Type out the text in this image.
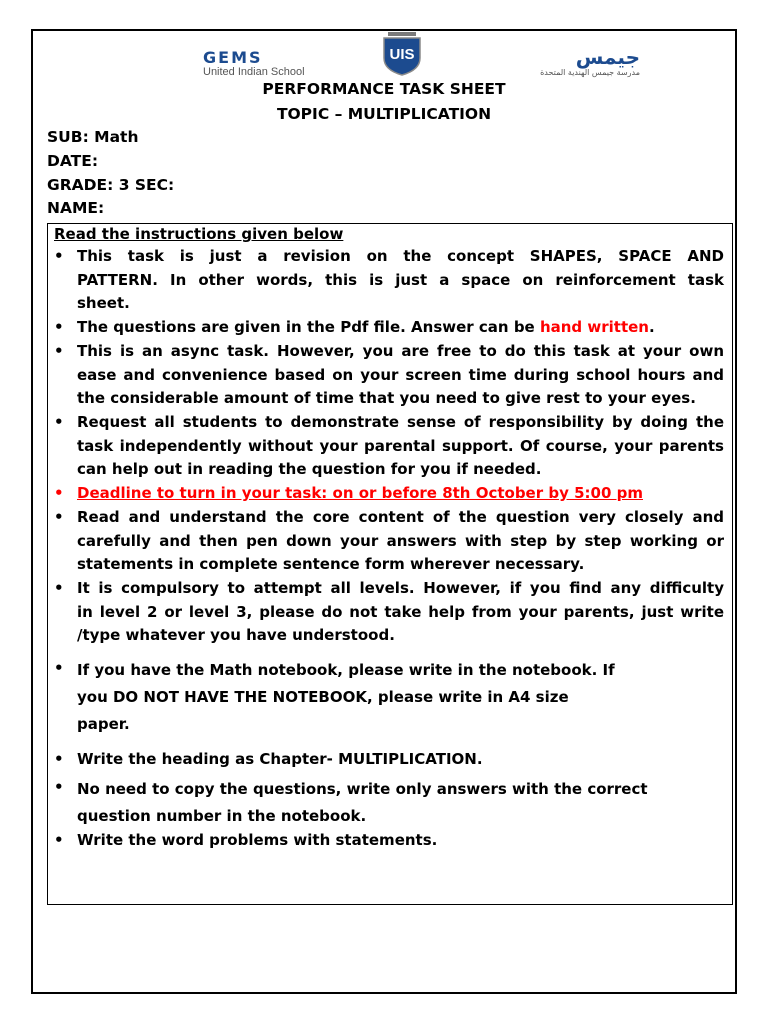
GEMS
United Indian School
UIS	جيمس
مدرسة جيمس الهندية المتحدة
PERFORMANCE TASK SHEET
TOPIC – MULTIPLICATION
SUB: Math
DATE:
GRADE: 3 SEC:
NAME:
Read the instructions given below
• This task is just a revision on the concept SHAPES, SPACE AND
PATTERN. In other words, this is just a space on reinforcement task
sheet.
• The questions are given in the Pdf file. Answer can be hand written.
• This is an async task. However, you are free to do this task at your own
ease and convenience based on your screen time during school hours and
the considerable amount of time that you need to give rest to your eyes.
• Request all students to demonstrate sense of responsibility by doing the
task independently without your parental support. Of course, your parents
can help out in reading the question for you if needed.
• Deadline to turn in your task: on or before 8th October by 5:00 pm
• Read and understand the core content of the question very closely and
carefully and then pen down your answers with step by step working or
statements in complete sentence form wherever necessary.
• It is compulsory to attempt all levels. However, if you find any difficulty
in level 2 or level 3, please do not take help from your parents, just write
/type whatever you have understood.
• If you have the Math notebook, please write in the notebook. If
you DO NOT HAVE THE NOTEBOOK, please write in A4 size
paper.
• Write the heading as Chapter- MULTIPLICATION.
• No need to copy the questions, write only answers with the correct
question number in the notebook.
• Write the word problems with statements.
